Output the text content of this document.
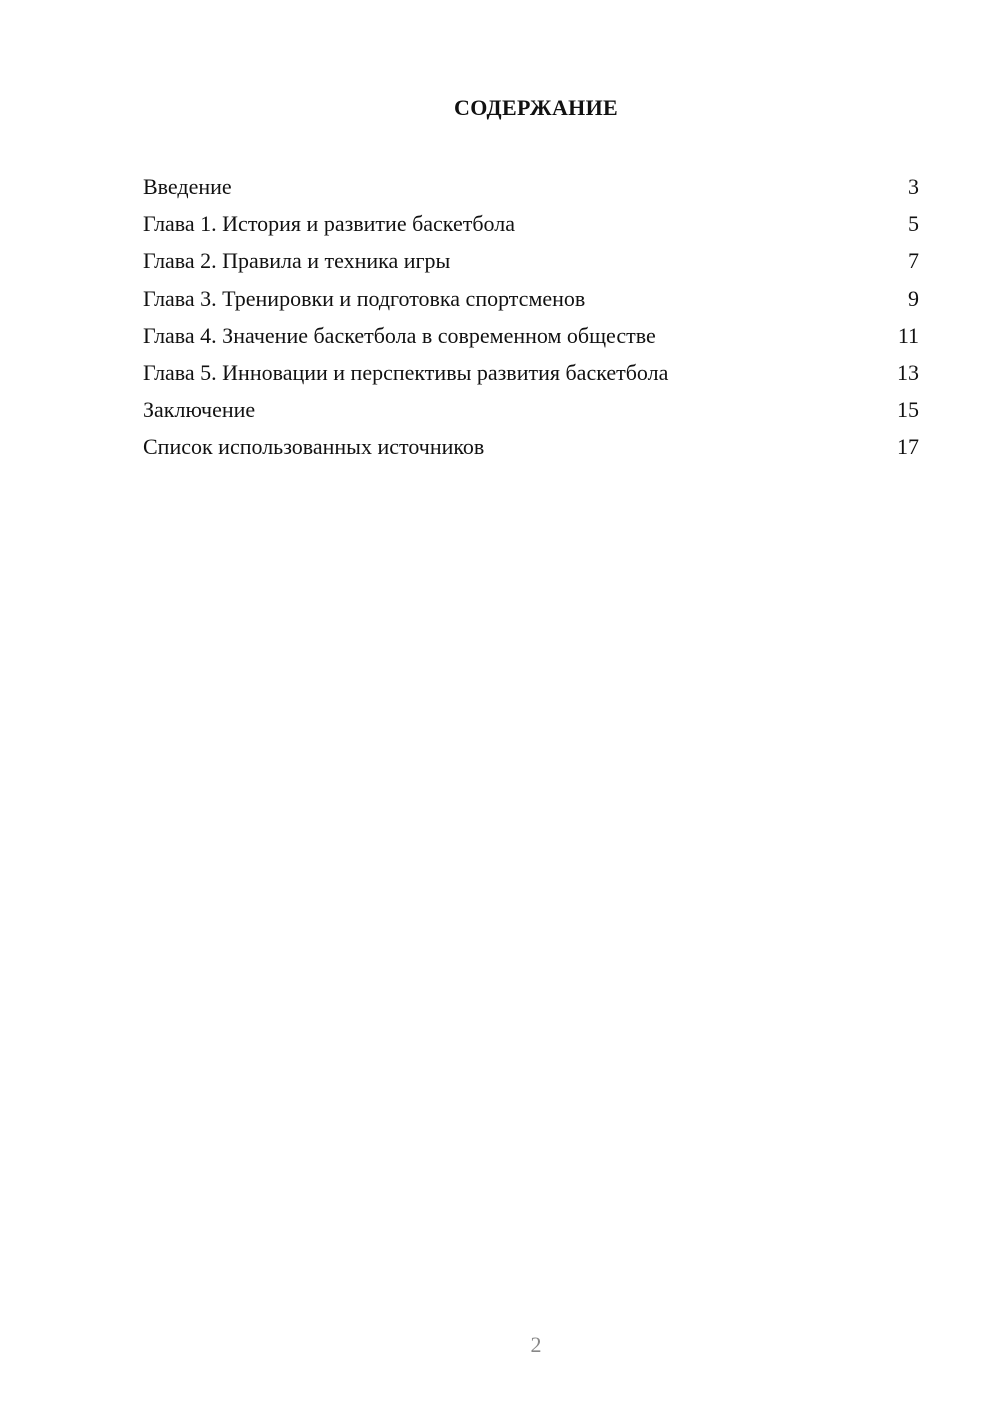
СОДЕРЖАНИЕ
Введение	3
Глава 1. История и развитие баскетбола	5
Глава 2. Правила и техника игры	7
Глава 3. Тренировки и подготовка спортсменов	9
Глава 4. Значение баскетбола в современном обществе	11
Глава 5. Инновации и перспективы развития баскетбола	13
Заключение	15
Список использованных источников	17
2
